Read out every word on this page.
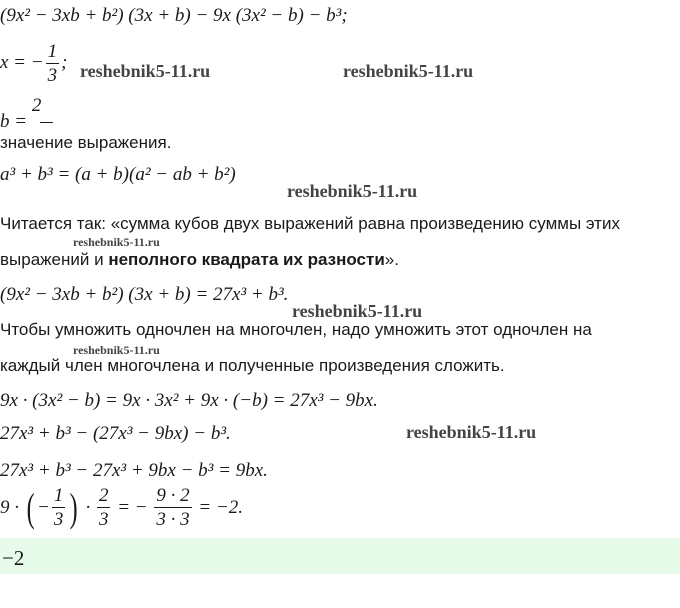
(9x² − 3xb + b²) (3x + b) − 9x (3x² − b) − b³;
x = − $\frac{1}{3}$ ;
b = 2
значение выражения.
a³ + b³ = (a + b)(a² − ab + b²)
Читается так: «сумма кубов двух выражений равна произведению суммы этих
выражений и неполного квадрата их разности».
(9x² − 3xb + b²) (3x + b) = 27x³ + b³.
Чтобы умножить одночлен на многочлен, надо умножить этот одночлен на
каждый член многочлена и полученные произведения сложить.
9x · (3x² − b) = 9x · 3x² + 9x · (−b) = 27x³ − 9bx.
27x³ + b³ − (27x³ − 9bx) − b³.
27x³ + b³ − 27x³ + 9bx − b³ = 9bx.
9 · ( − $\frac{1}{3}$ ) · $\frac{2}{3}$ = − $\frac{9 \cdot 2}{3 \cdot 3} = -2$.
−2
reshebnik5-11.ru	reshebnik5-11.ru
reshebnik5-11.ru
reshebnik5-11.ru
reshebnik5-11.ru
reshebnik5-11.ru
reshebnik5-11.ru
